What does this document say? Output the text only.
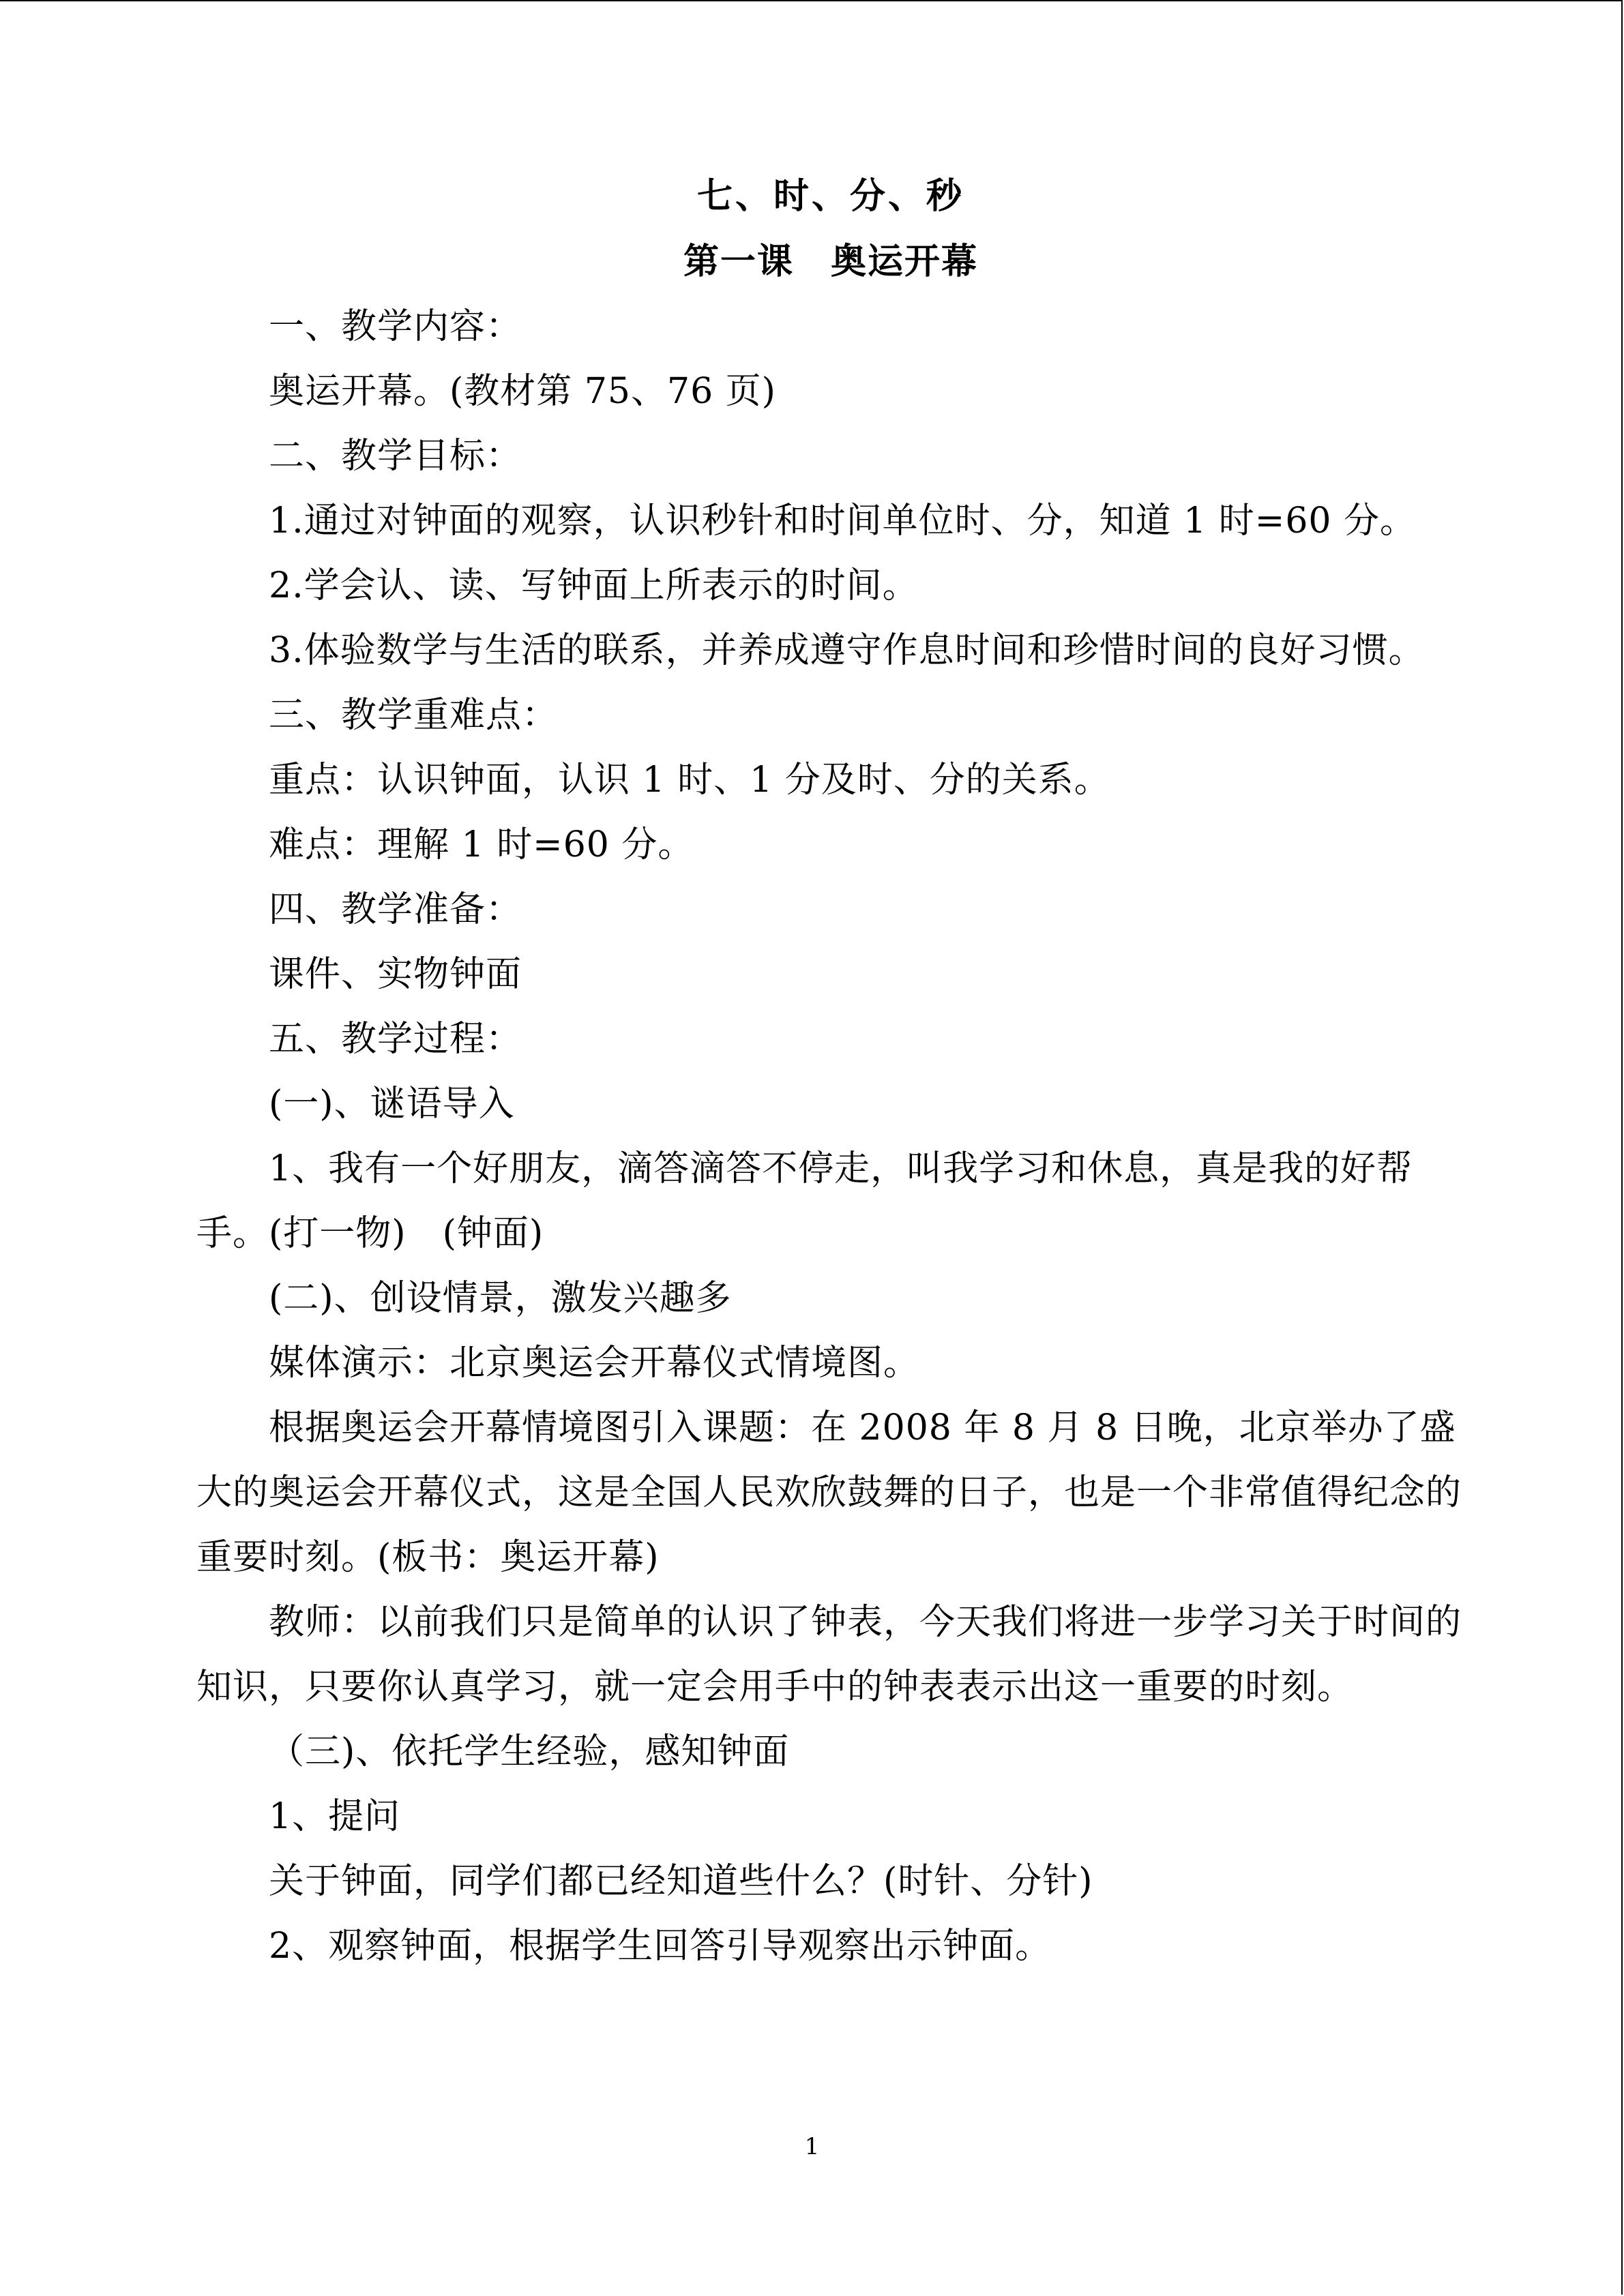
七、时、分、秒
第一课　奥运开幕

一、教学内容：

奥运开幕。(教材第 75、76 页)

二、教学目标：

1.通过对钟面的观察，认识秒针和时间单位时、分，知道 1 时=60 分。

2.学会认、读、写钟面上所表示的时间。

3.体验数学与生活的联系，并养成遵守作息时间和珍惜时间的良好习惯。

三、教学重难点：

重点：认识钟面，认识 1 时、1 分及时、分的关系。

难点：理解 1 时=60 分。

四、教学准备：

课件、实物钟面

五、教学过程：

(一)、谜语导入

1、我有一个好朋友，滴答滴答不停走，叫我学习和休息，真是我的好帮手。(打一物)　(钟面)

(二)、创设情景，激发兴趣多

媒体演示：北京奥运会开幕仪式情境图。

根据奥运会开幕情境图引入课题：在 2008 年 8 月 8 日晚，北京举办了盛大的奥运会开幕仪式，这是全国人民欢欣鼓舞的日子，也是一个非常值得纪念的重要时刻。(板书：奥运开幕)

教师：以前我们只是简单的认识了钟表，今天我们将进一步学习关于时间的知识，只要你认真学习，就一定会用手中的钟表表示出这一重要的时刻。

（三)、依托学生经验，感知钟面

1、提问

关于钟面，同学们都已经知道些什么？(时针、分针)

2、观察钟面，根据学生回答引导观察出示钟面。

1
